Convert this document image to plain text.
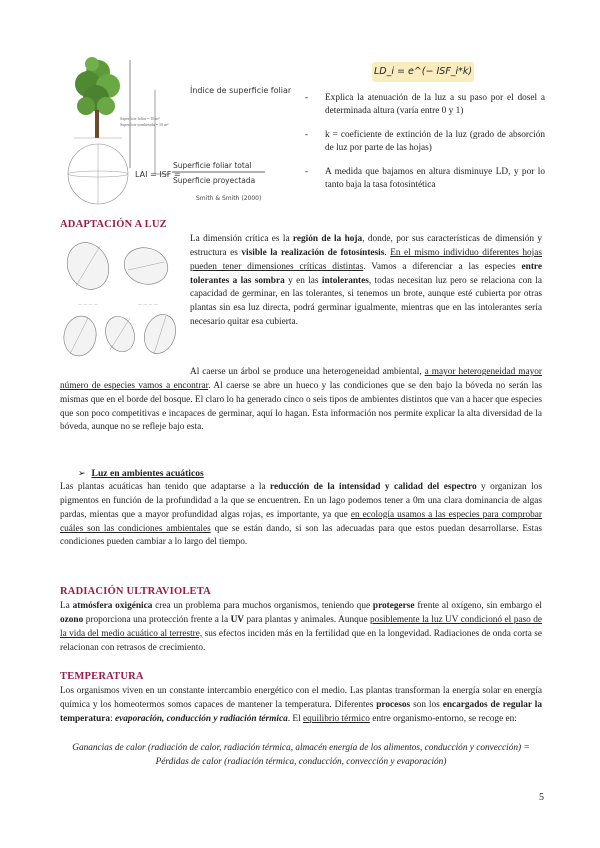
Superficie foliar = 10 m²
Superficie sombreada = 10 m²
Índice de superficie foliar
LAI = ISF =
Superficie foliar total
Superficie proyectada
Smith & Smith (2000)
LD_i = e^(− ISF_i*k)
- Explica la atenuación de la luz a su paso por el dosel a determinada altura (varía entre 0 y 1)
- k = coeficiente de extinción de la luz (grado de absorción de luz por parte de las hojas)
- A medida que bajamos en altura disminuye LD, y por lo tanto baja la tasa fotosintética
ADAPTACIÓN A LUZ
— — — —	— — — —

La dimensión crítica es la región de la hoja, donde, por sus características de dimensión y estructura es visible la realización de fotosíntesis. En el mismo individuo diferentes hojas pueden tener dimensiones críticas distintas. Vamos a diferenciar a las especies entre tolerantes a las sombra y en las intolerantes, todas necesitan luz pero se relaciona con la capacidad de germinar, en las tolerantes, si tenemos un brote, aunque esté cubierta por otras plantas sin esa luz directa, podrá germinar igualmente, mientras que en las intolerantes sería necesario quitar esa cubierta.

Al caerse un árbol se produce una heterogeneidad ambiental, a mayor heterogeneidad mayor número de especies vamos a encontrar. Al caerse se abre un hueco y las condiciones que se den bajo la bóveda no serán las mismas que en el borde del bosque. El claro lo ha generado cinco o seis tipos de ambientes distintos que van a hacer que especies que son poco competitivas e incapaces de germinar, aquí lo hagan. Esta información nos permite explicar la alta diversidad de la bóveda, aunque no se refleje bajo esta.

➢ Luz en ambientes acuáticos

Las plantas acuáticas han tenido que adaptarse a la reducción de la intensidad y calidad del espectro y organizan los pigmentos en función de la profundidad a la que se encuentren. En un lago podemos tener a 0m una clara dominancia de algas pardas, mientas que a mayor profundidad algas rojas, es importante, ya que en ecología usamos a las especies para comprobar cuáles son las condiciones ambientales que se están dando, si son las adecuadas para que estos puedan desarrollarse. Estas condiciones pueden cambiar a lo largo del tiempo.

RADIACIÓN ULTRAVIOLETA

La atmósfera oxigénica crea un problema para muchos organismos, teniendo que protegerse frente al oxígeno, sin embargo el ozono proporciona una protección frente a la UV para plantas y animales. Aunque posiblemente la luz UV condicionó el paso de la vida del medio acuático al terrestre, sus efectos inciden más en la fertilidad que en la longevidad. Radiaciones de onda corta se relacionan con retrasos de crecimiento.

TEMPERATURA

Los organismos viven en un constante intercambio energético con el medio. Las plantas transforman la energía solar en energía química y los homeotermos somos capaces de mantener la temperatura. Diferentes procesos son los encargados de regular la temperatura: evaporación, conducción y radiación térmica. El equilibrio térmico entre organismo-entorno, se recoge en:

Ganancias de calor (radiación de calor, radiación térmica, almacén energía de los alimentos, conducción y convección) = Pérdidas de calor (radiación térmica, conducción, convección y evaporación)

5
